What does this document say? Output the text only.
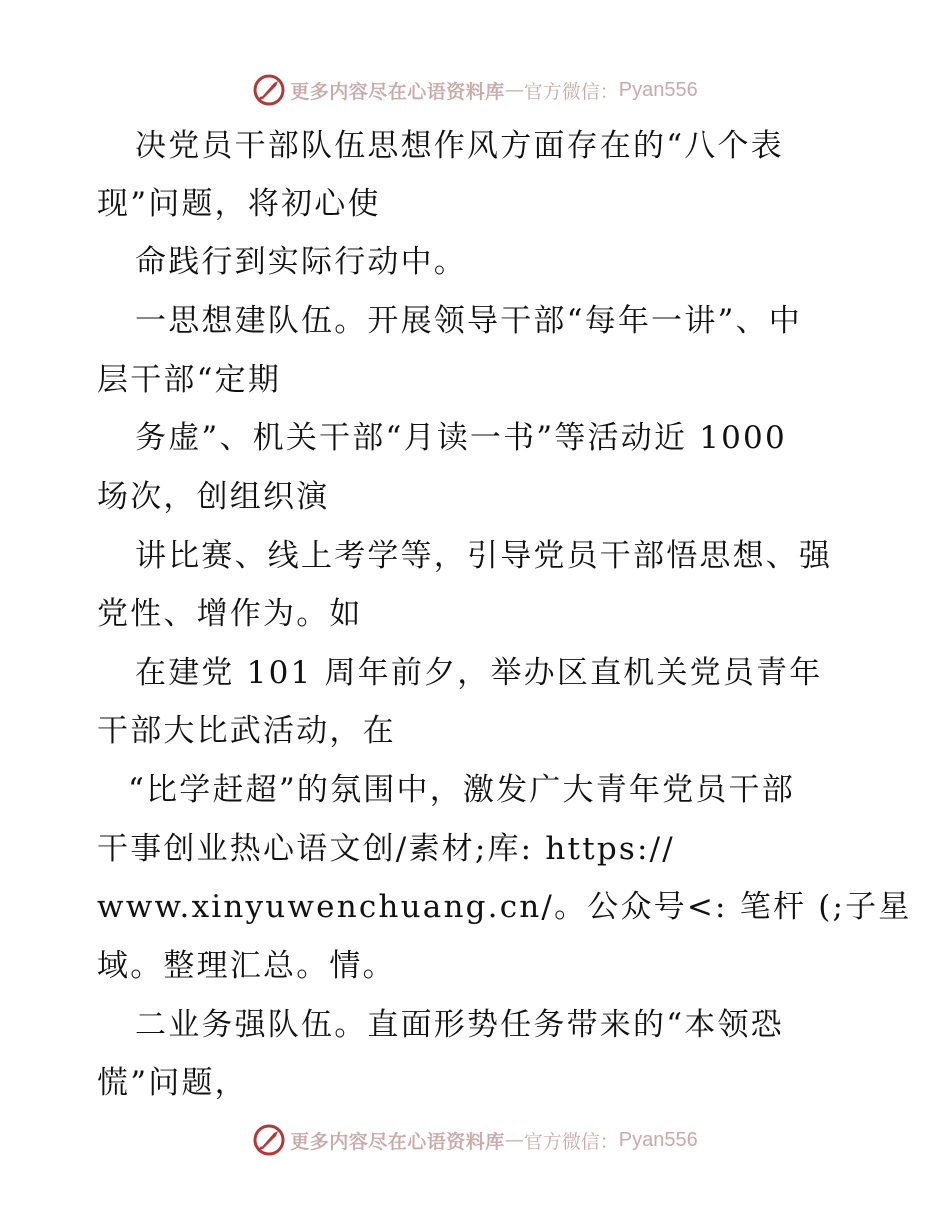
更多内容尽在心语资料库 — 官方微信： Pyan556
决党员干部队伍思想作风方面存在的“八个表
现”问题，将初心使
命践行到实际行动中。
一思想建队伍。开展领导干部“每年一讲”、中
层干部“定期
务虚”、机关干部“月读一书”等活动近 1000
场次，创组织演
讲比赛、线上考学等，引导党员干部悟思想、强
党性、增作为。如
在建党 101 周年前夕，举办区直机关党员青年
干部大比武活动，在
“比学赶超”的氛围中，激发广大青年党员干部
干事创业热心语文创/素材;库: https://
www.xinyuwenchuang.cn/。公众号<: 笔杆 (;子星
域。整理汇总。情。
二业务强队伍。直面形势任务带来的“本领恐
慌”问题，
更多内容尽在心语资料库 — 官方微信： Pyan556
